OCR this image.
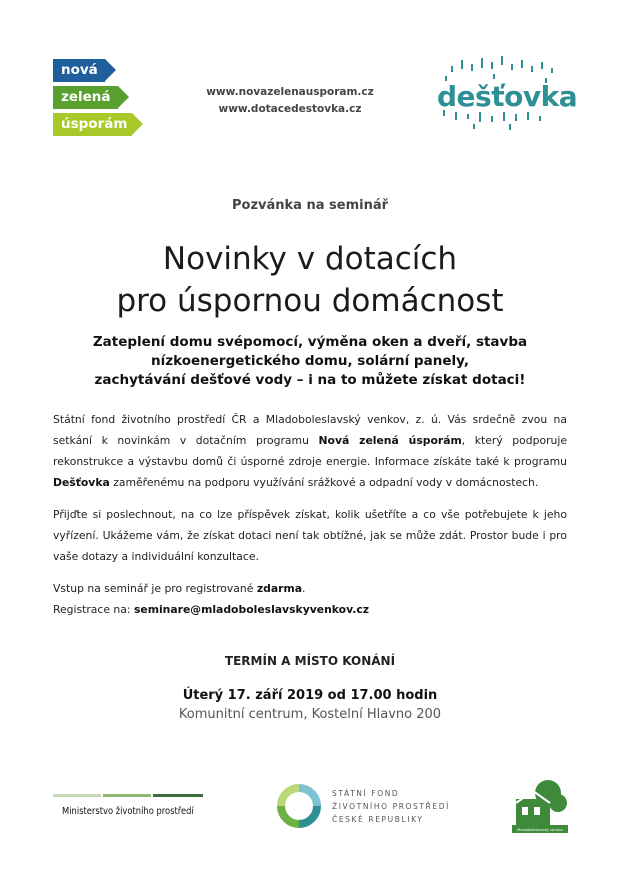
nová
zelená
úsporám
www.novazelenausporam.cz
www.dotacedestovka.cz	dešťovka
Pozvánka na seminář
Novinky v dotacích
pro úspornou domácnost
Zateplení domu svépomocí, výměna oken a dveří, stavba
nízkoenergetického domu, solární panely,
zachytávání dešťové vody – i na to můžete získat dotaci!
Státní fond životního prostředí ČR a Mladoboleslavský venkov, z. ú. Vás srdečně zvou na setkání k novinkám v dotačním programu Nová zelená úsporám, který podporuje rekonstrukce a výstavbu domů či úsporné zdroje energie. Informace získáte také k programu Dešťovka zaměřenému na podporu využívání srážkové a odpadní vody v domácnostech.
Přijďte si poslechnout, na co lze příspěvek získat, kolik ušetříte a co vše potřebujete k jeho vyřízení. Ukážeme vám, že získat dotaci není tak obtížné, jak se může zdát. Prostor bude i pro vaše dotazy a individuální konzultace.
Vstup na seminář je pro registrované zdarma.
Registrace na: seminare@mladoboleslavskyvenkov.cz
TERMÍN A MÍSTO KONÁNÍ
Úterý 17. září 2019 od 17.00 hodin
Komunitní centrum, Kostelní Hlavno 200
Ministerstvo životního prostředí
STÁTNÍ FOND
ŽIVOTNÍHO PROSTŘEDÍ
ČESKÉ REPUBLIKY
Mladoboleslavský venkov
